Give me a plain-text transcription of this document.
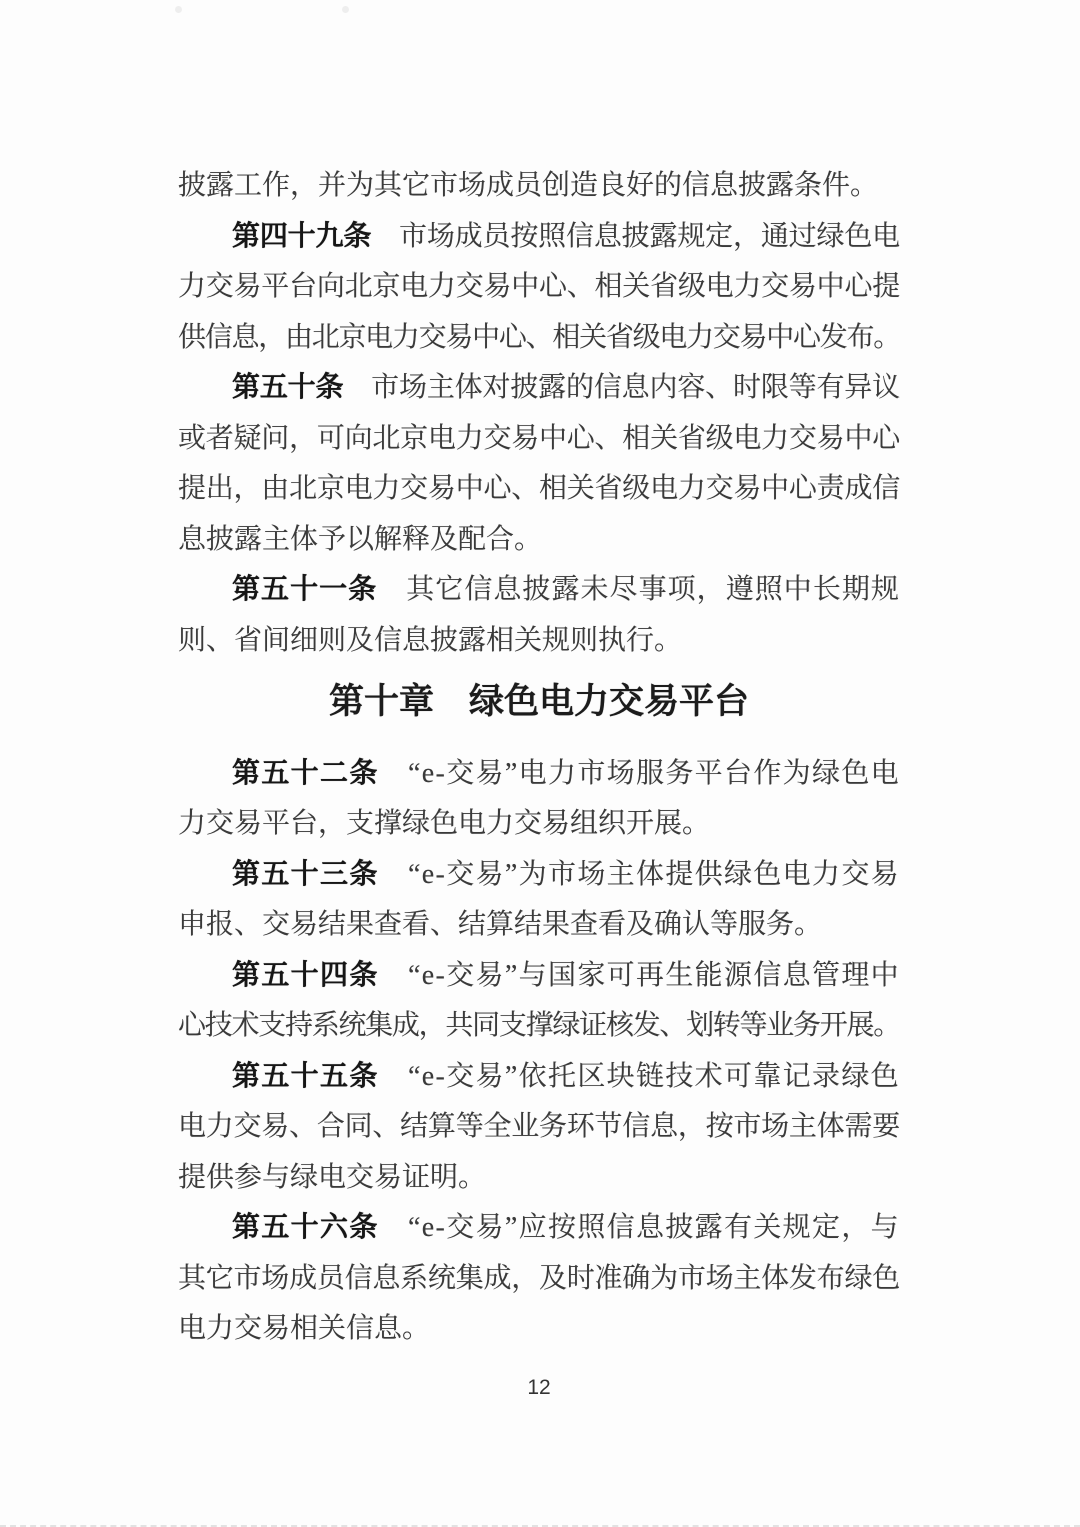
披露工作，并为其它市场成员创造良好的信息披露条件。
第四十九条　 市场成员按照信息披露规定，通过绿色电
力交易平台向北京电力交易中心、相关省级电力交易中心提
供信息，由北京电力交易中心、相关省级电力交易中心发布。
第五十条　 市场主体对披露的信息内容、时限等有异议
或者疑问，可向北京电力交易中心、相关省级电力交易中心
提出，由北京电力交易中心、相关省级电力交易中心责成信
息披露主体予以解释及配合。
第五十一条　 其它信息披露未尽事项，遵照中长期规
则、省间细则及信息披露相关规则执行。
第十章　绿色电力交易平台
第五十二条　 “e-交易”电力市场服务平台作为绿色电
力交易平台，支撑绿色电力交易组织开展。
第五十三条　 “e-交易”为市场主体提供绿色电力交易
申报、交易结果查看、结算结果查看及确认等服务。
第五十四条　 “e-交易”与国家可再生能源信息管理中
心技术支持系统集成，共同支撑绿证核发、划转等业务开展。
第五十五条　 “e-交易”依托区块链技术可靠记录绿色
电力交易、合同、结算等全业务环节信息，按市场主体需要
提供参与绿电交易证明。
第五十六条　 “e-交易”应按照信息披露有关规定，与
其它市场成员信息系统集成，及时准确为市场主体发布绿色
电力交易相关信息。
12
